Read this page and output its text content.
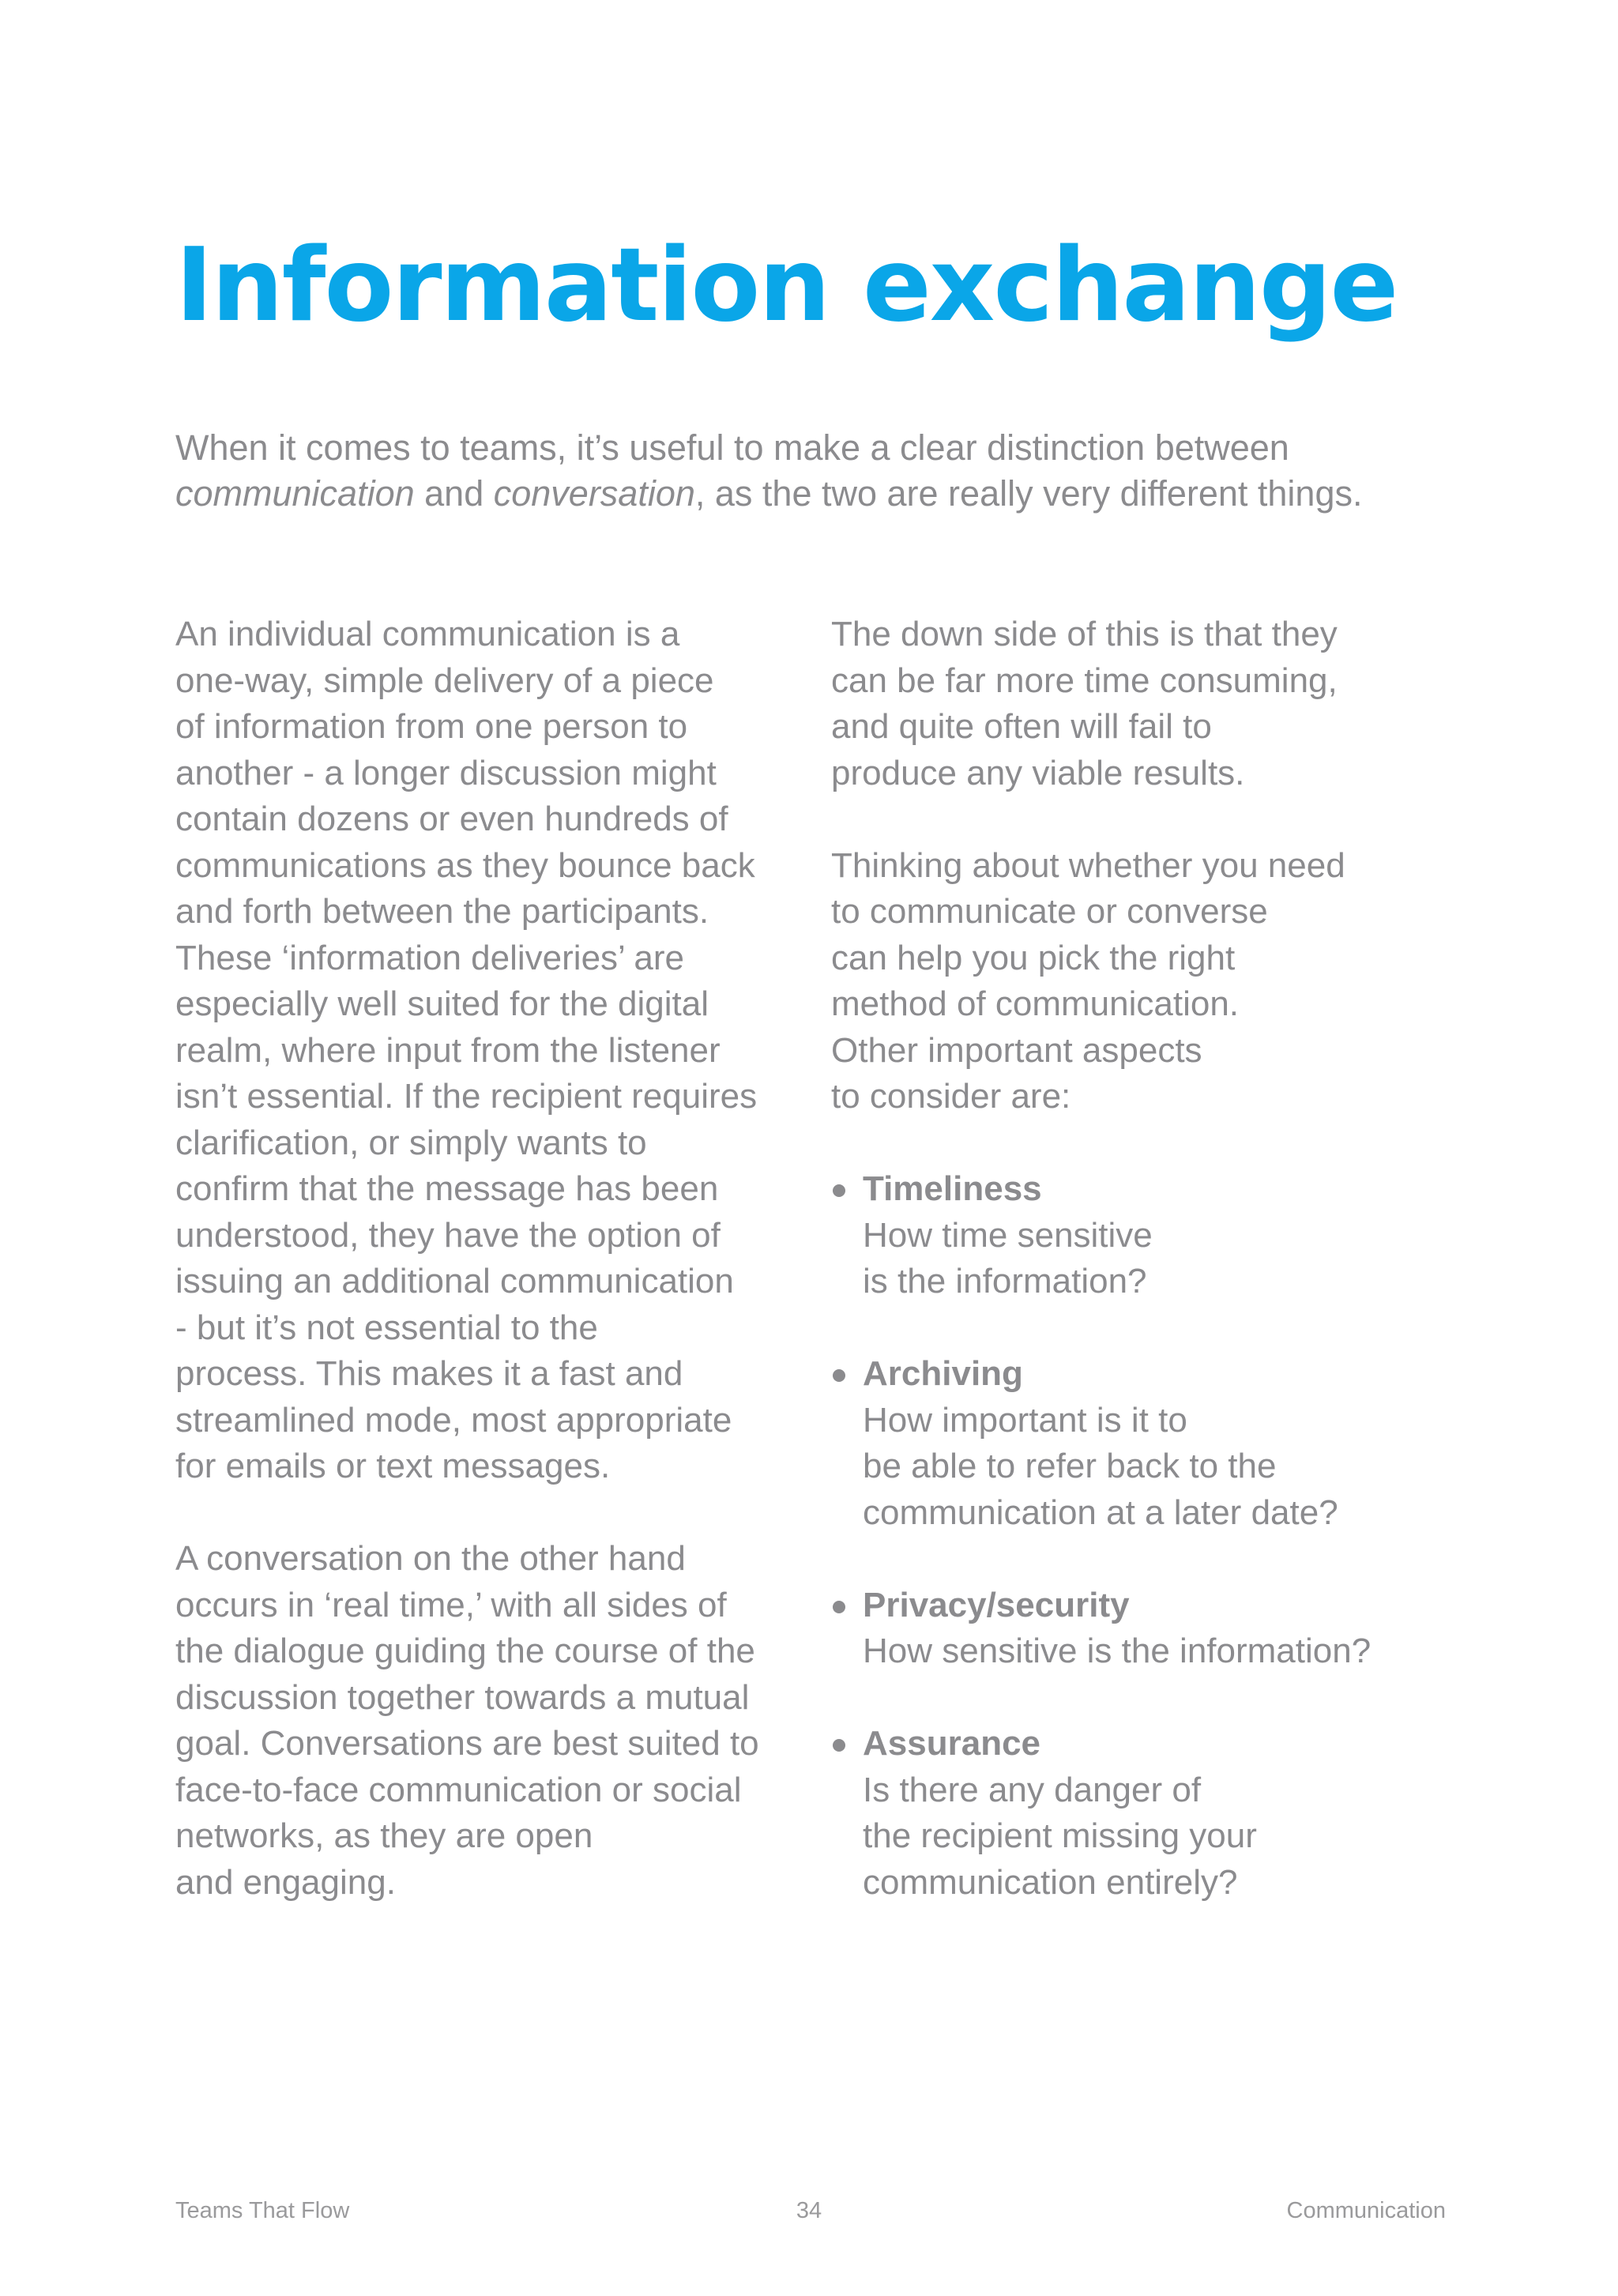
Information exchange

When it comes to teams, it’s useful to make a clear distinction between
communication and conversation, as the two are really very different things.

An individual communication is a
one-way, simple delivery of a piece
of information from one person to
another - a longer discussion might
contain dozens or even hundreds of
communications as they bounce back
and forth between the participants.
These ‘information deliveries’ are
especially well suited for the digital
realm, where input from the listener
isn’t essential. If the recipient requires
clarification, or simply wants to
confirm that the message has been
understood, they have the option of
issuing an additional communication
- but it’s not essential to the
process. This makes it a fast and
streamlined mode, most appropriate
for emails or text messages.

A conversation on the other hand
occurs in ‘real time,’ with all sides of
the dialogue guiding the course of the
discussion together towards a mutual
goal. Conversations are best suited to
face-to-face communication or social
networks, as they are open
and engaging.

The down side of this is that they
can be far more time consuming,
and quite often will fail to
produce any viable results.

Thinking about whether you need
to communicate or converse
can help you pick the right
method of communication.
Other important aspects
to consider are:

Timeliness
How time sensitive
is the information?
Archiving
How important is it to
be able to refer back to the
communication at a later date?
Privacy/security
How sensitive is the information?
Assurance
Is there any danger of
the recipient missing your
communication entirely?

Teams That Flow	34	Communication
